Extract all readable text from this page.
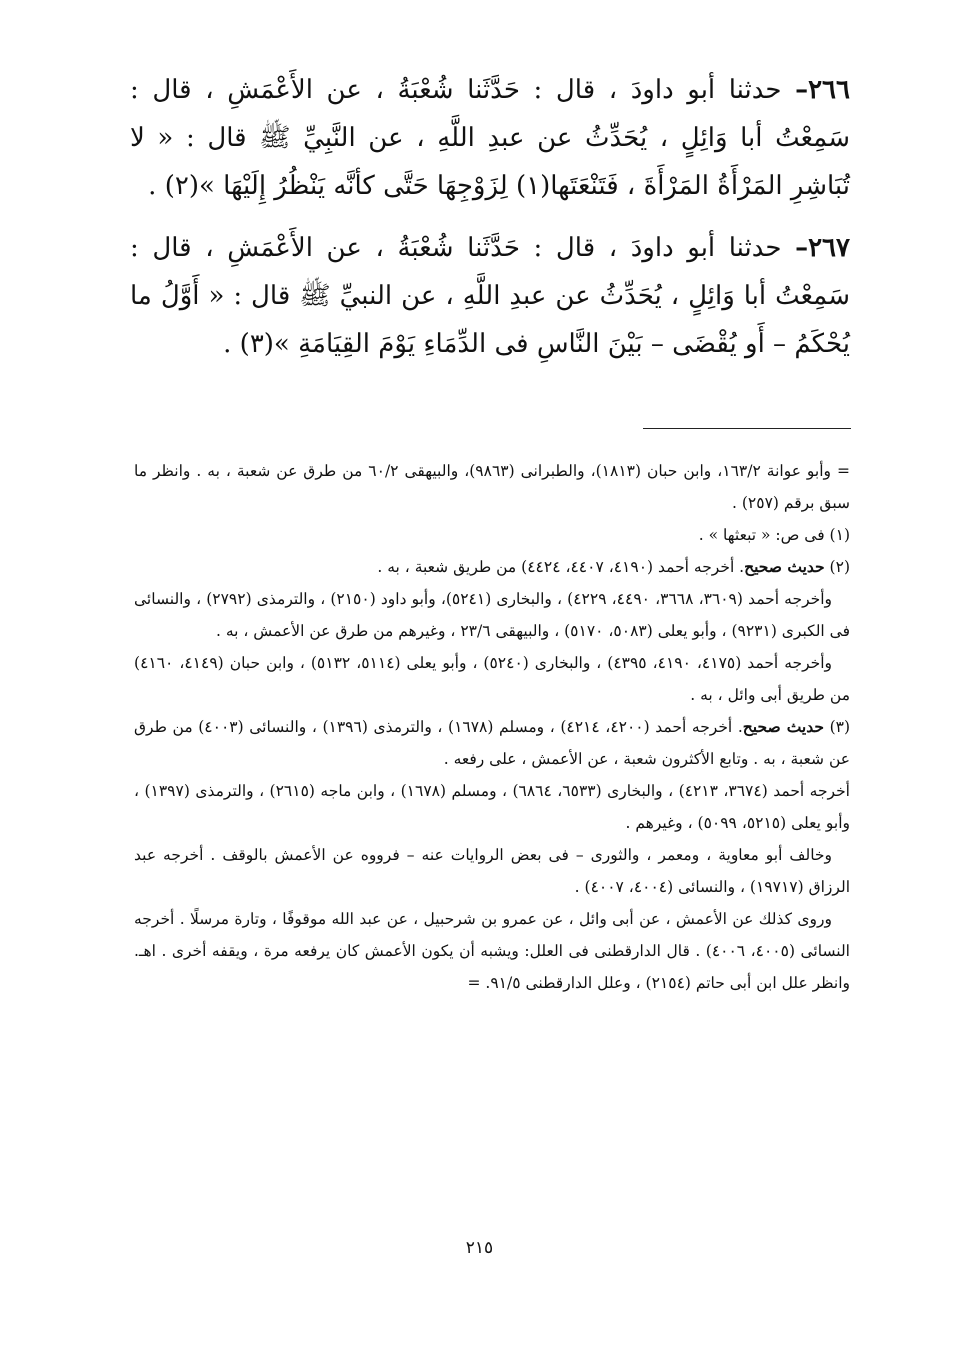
٢٦٦– حدثنا أبو داودَ ، قال : حَدَّثَنا شُعْبَةُ ، عن الأَعْمَشِ ، قال : سَمِعْتُ أبا وَائِلٍ ، يُحَدِّثُ عن عبدِ اللَّهِ ، عن النَّبِيِّ ﷺ قال : « لا تُبَاشِرِ المَرْأَةُ المَرْأَةَ ، فَتَنْعَتَها(١) لِزَوْجِهَا حَتَّى كأنَّه يَنْظُرُ إِلَيْهَا »(٢) .

٢٦٧– حدثنا أبو داودَ ، قال : حَدَّثَنا شُعْبَةُ ، عن الأَعْمَشِ ، قال : سَمِعْتُ أبا وَائِلٍ ، يُحَدِّثُ عن عبدِ اللَّهِ ، عن النبيِّ ﷺ قال : « أَوَّلُ ما يُحْكَمُ – أَو يُقْضَى – بَيْنَ النَّاسِ فى الدِّمَاءِ يَوْمَ القِيَامَةِ »(٣) .

= وأبو عوانة ١٦٣/٢، وابن حبان (١٨١٣)، والطبرانى (٩٨٦٣)، والبيهقى ٦٠/٢ من طرق عن شعبة ، به . وانظر ما سبق برقم (٢٥٧) .

(١) فى ص: « تبعثها » .

(٢) حديث صحيح. أخرجه أحمد (٤١٩٠، ٤٤٠٧، ٤٤٢٤) من طريق شعبة ، به .

وأخرجه أحمد (٣٦٠٩، ٣٦٦٨، ٤٤٩٠، ٤٢٢٩) ، والبخارى (٥٢٤١)، وأبو داود (٢١٥٠) ، والترمذى (٢٧٩٢) ، والنسائى فى الكبرى (٩٢٣١) ، وأبو يعلى (٥٠٨٣، ٥١٧٠) ، والبيهقى ٢٣/٦ ، وغيرهم من طرق عن الأعمش ، به .

وأخرجه أحمد (٤١٧٥، ٤١٩٠، ٤٣٩٥) ، والبخارى (٥٢٤٠) ، وأبو يعلى (٥١١٤، ٥١٣٢) ، وابن حبان (٤١٤٩، ٤١٦٠) من طريق أبى وائل ، به .

(٣) حديث صحيح. أخرجه أحمد (٤٢٠٠، ٤٢١٤) ، ومسلم (١٦٧٨) ، والترمذى (١٣٩٦) ، والنسائى (٤٠٠٣) من طرق عن شعبة ، به . وتابع الأكثرون شعبة ، عن الأعمش ، على رفعه .

أخرجه أحمد (٣٦٧٤، ٤٢١٣) ، والبخارى (٦٥٣٣، ٦٨٦٤) ، ومسلم (١٦٧٨) ، وابن ماجه (٢٦١٥) ، والترمذى (١٣٩٧) ، وأبو يعلى (٥٢١٥، ٥٠٩٩) ، وغيرهم .

وخالف أبو معاوية ، ومعمر ، والثورى – فى بعض الروايات عنه – فرووه عن الأعمش بالوقف . أخرجه عبد الرزاق (١٩٧١٧) ، والنسائى (٤٠٠٤، ٤٠٠٧) .

وروى كذلك عن الأعمش ، عن أبى وائل ، عن عمرو بن شرحبيل ، عن عبد الله موقوفًا ، وتارة مرسلًا . أخرجه النسائى (٤٠٠٥، ٤٠٠٦) . قال الدارقطنى فى العلل: ويشبه أن يكون الأعمش كان يرفعه مرة ، ويقفه أخرى . اهـ. وانظر علل ابن أبى حاتم (٢١٥٤) ، وعلل الدارقطنى ٩١/٥. =

٢١٥
